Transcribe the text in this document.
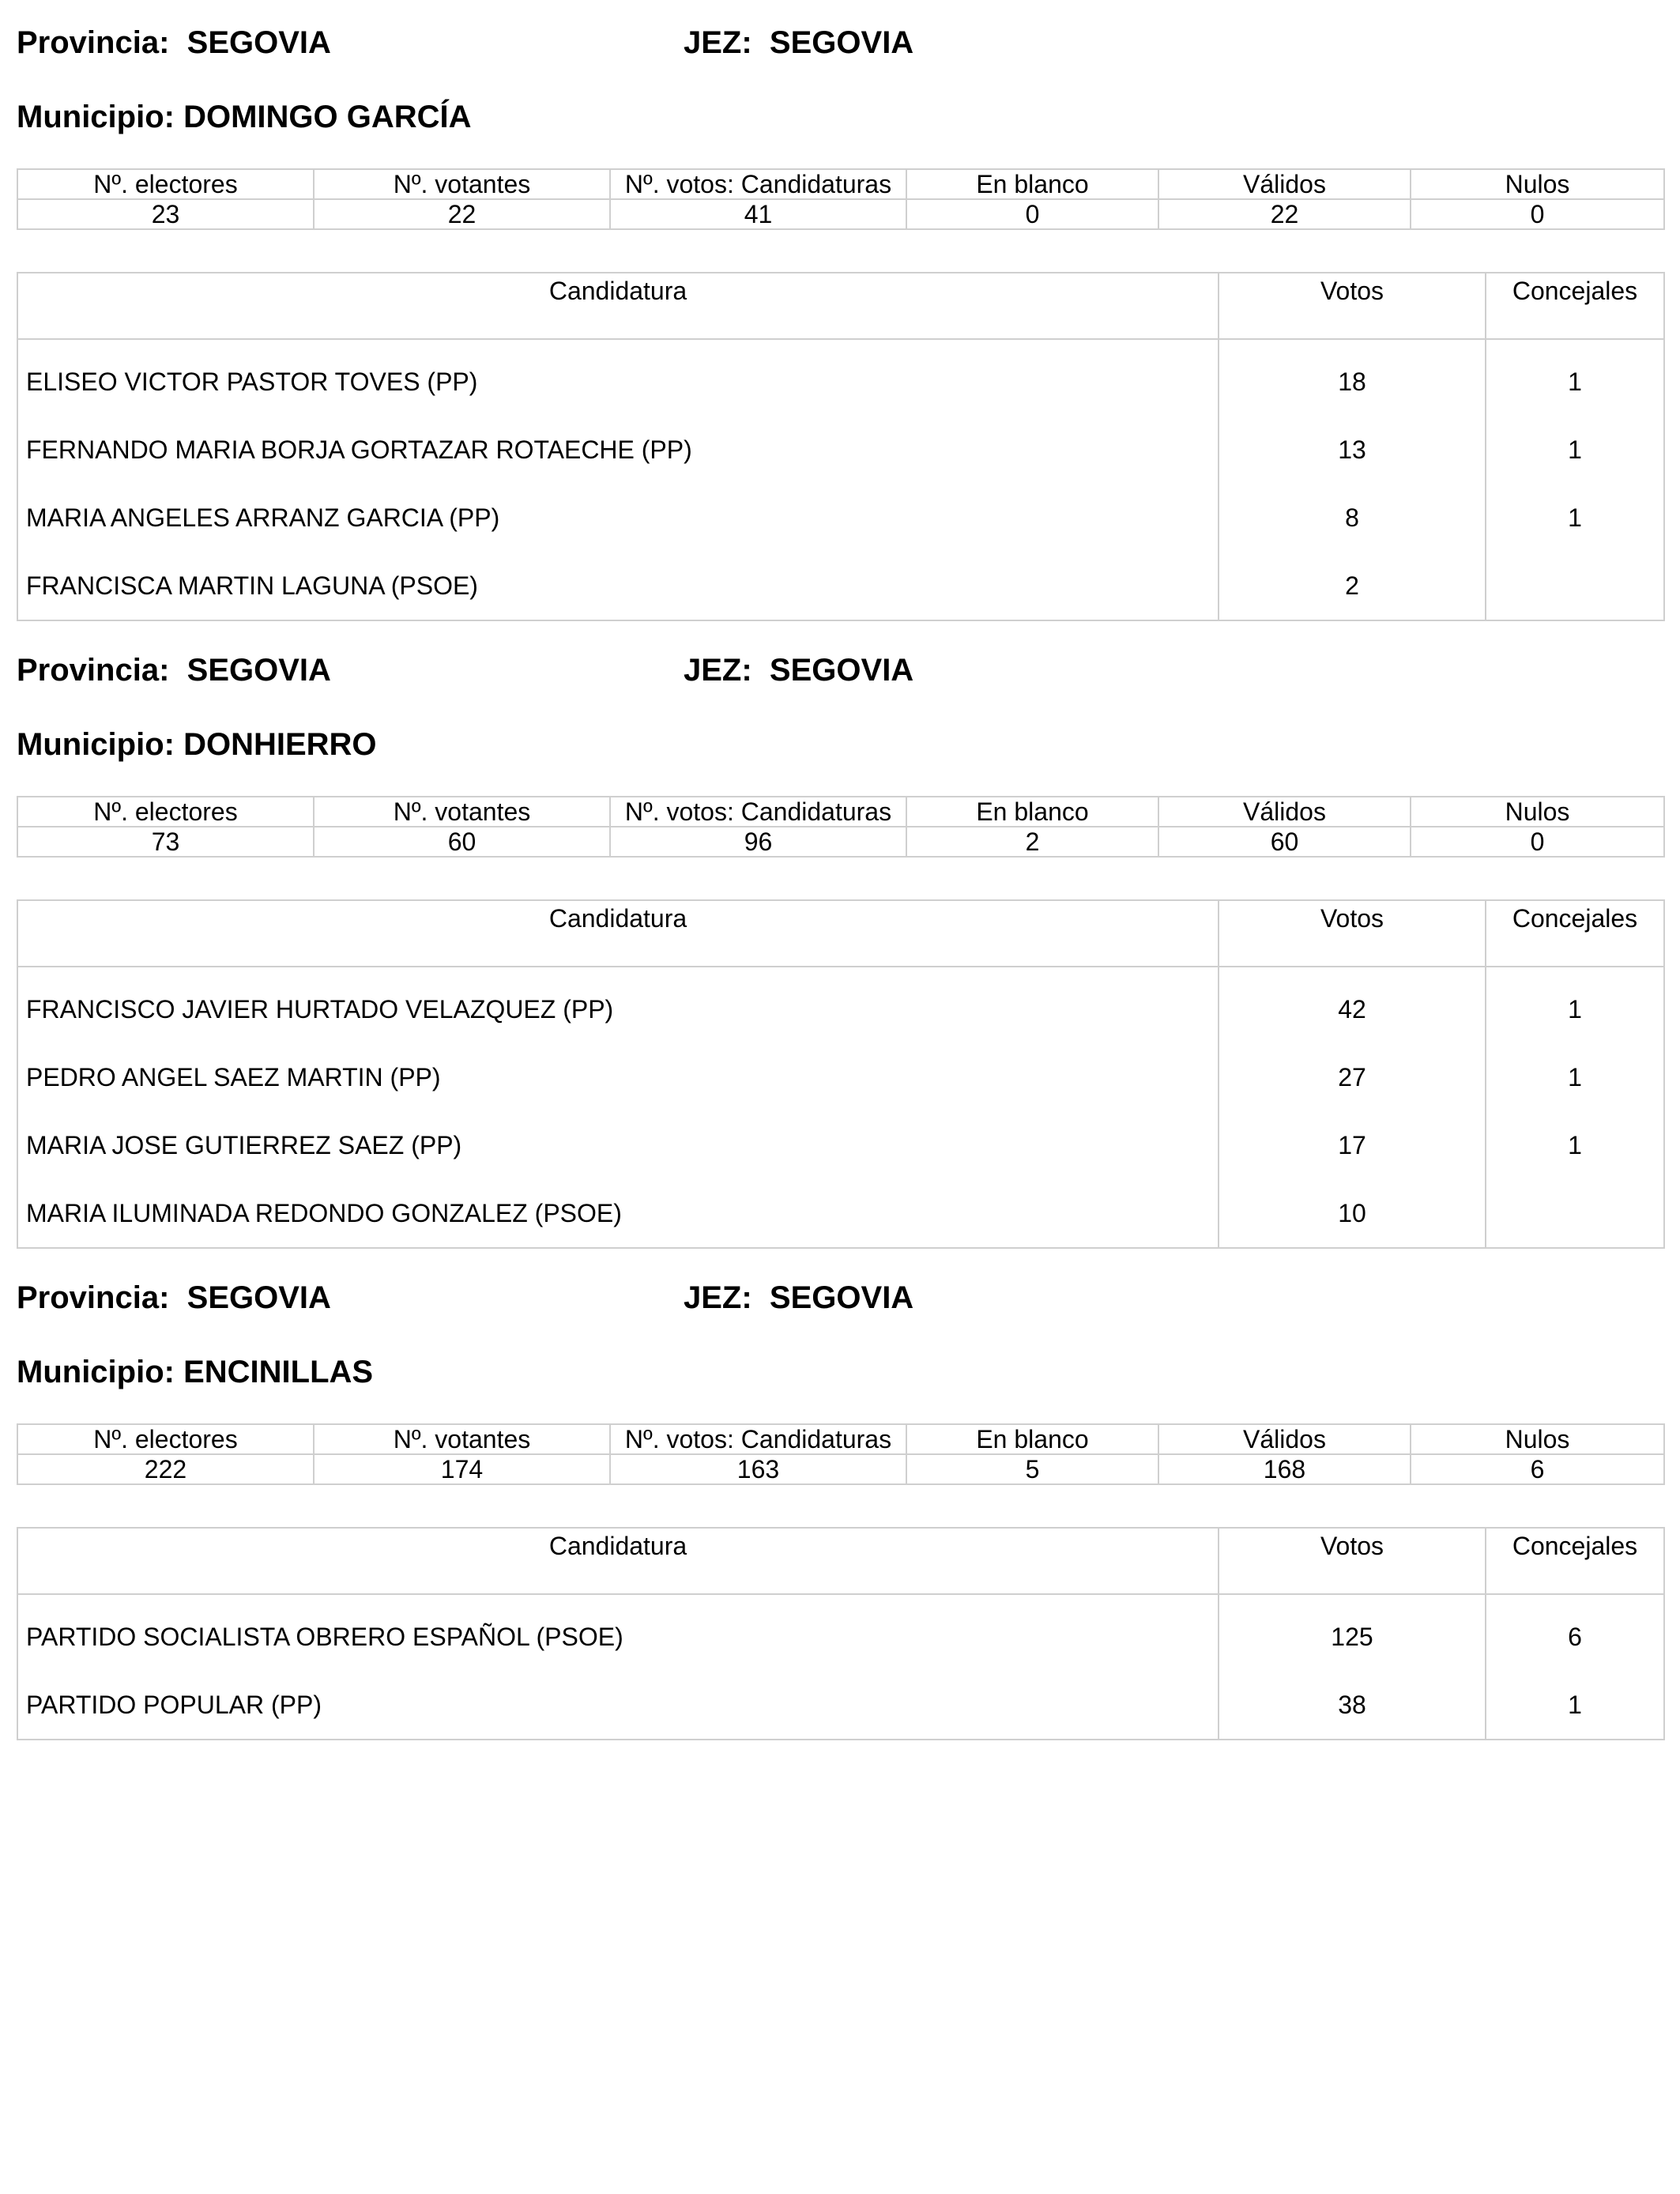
Provincia: SEGOVIA	JEZ: SEGOVIA
Municipio: DOMINGO GARCÍA
Nº. electores	Nº. votantes	Nº. votos: Candidaturas	En blanco	Válidos	Nulos
23	22	41	0	22	0
Candidatura	Votos	Concejales
ELISEO VICTOR PASTOR TOVES (PP)	18	1
FERNANDO MARIA BORJA GORTAZAR ROTAECHE (PP)	13	1
MARIA ANGELES ARRANZ GARCIA (PP)	8	1
FRANCISCA MARTIN LAGUNA (PSOE)	2	
Provincia: SEGOVIA	JEZ: SEGOVIA
Municipio: DONHIERRO
Nº. electores	Nº. votantes	Nº. votos: Candidaturas	En blanco	Válidos	Nulos
73	60	96	2	60	0
Candidatura	Votos	Concejales
FRANCISCO JAVIER HURTADO VELAZQUEZ (PP)	42	1
PEDRO ANGEL SAEZ MARTIN (PP)	27	1
MARIA JOSE GUTIERREZ SAEZ (PP)	17	1
MARIA ILUMINADA REDONDO GONZALEZ (PSOE)	10	
Provincia: SEGOVIA	JEZ: SEGOVIA
Municipio: ENCINILLAS
Nº. electores	Nº. votantes	Nº. votos: Candidaturas	En blanco	Válidos	Nulos
222	174	163	5	168	6
Candidatura	Votos	Concejales
PARTIDO SOCIALISTA OBRERO ESPAÑOL (PSOE)	125	6
PARTIDO POPULAR (PP)	38	1
